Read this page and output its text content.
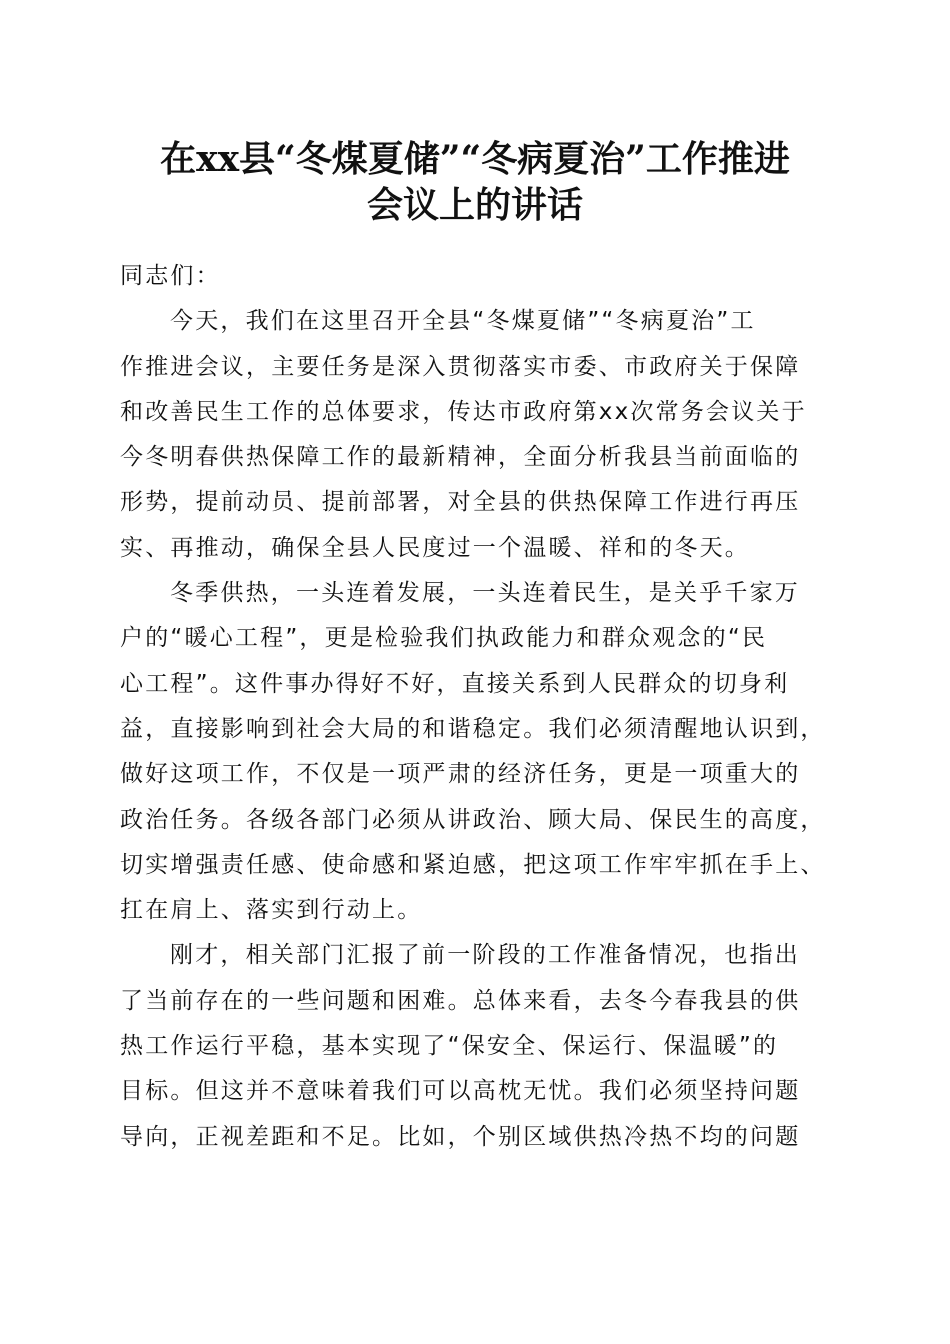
在xx县“冬煤夏储”“冬病夏治”工作推进
会议上的讲话

同志们：

今天，我们在这里召开全县“冬煤夏储”“冬病夏治”工
作推进会议，主要任务是深入贯彻落实市委、市政府关于保障
和改善民生工作的总体要求，传达市政府第xx次常务会议关于
今冬明春供热保障工作的最新精神，全面分析我县当前面临的
形势，提前动员、提前部署，对全县的供热保障工作进行再压
实、再推动，确保全县人民度过一个温暖、祥和的冬天。

冬季供热，一头连着发展，一头连着民生，是关乎千家万
户的“暖心工程”，更是检验我们执政能力和群众观念的“民
心工程”。这件事办得好不好，直接关系到人民群众的切身利
益，直接影响到社会大局的和谐稳定。我们必须清醒地认识到，
做好这项工作，不仅是一项严肃的经济任务，更是一项重大的
政治任务。各级各部门必须从讲政治、顾大局、保民生的高度，
切实增强责任感、使命感和紧迫感，把这项工作牢牢抓在手上、
扛在肩上、落实到行动上。

刚才，相关部门汇报了前一阶段的工作准备情况，也指出
了当前存在的一些问题和困难。总体来看，去冬今春我县的供
热工作运行平稳，基本实现了“保安全、保运行、保温暖”的
目标。但这并不意味着我们可以高枕无忧。我们必须坚持问题
导向，正视差距和不足。比如，个别区域供热冷热不均的问题
